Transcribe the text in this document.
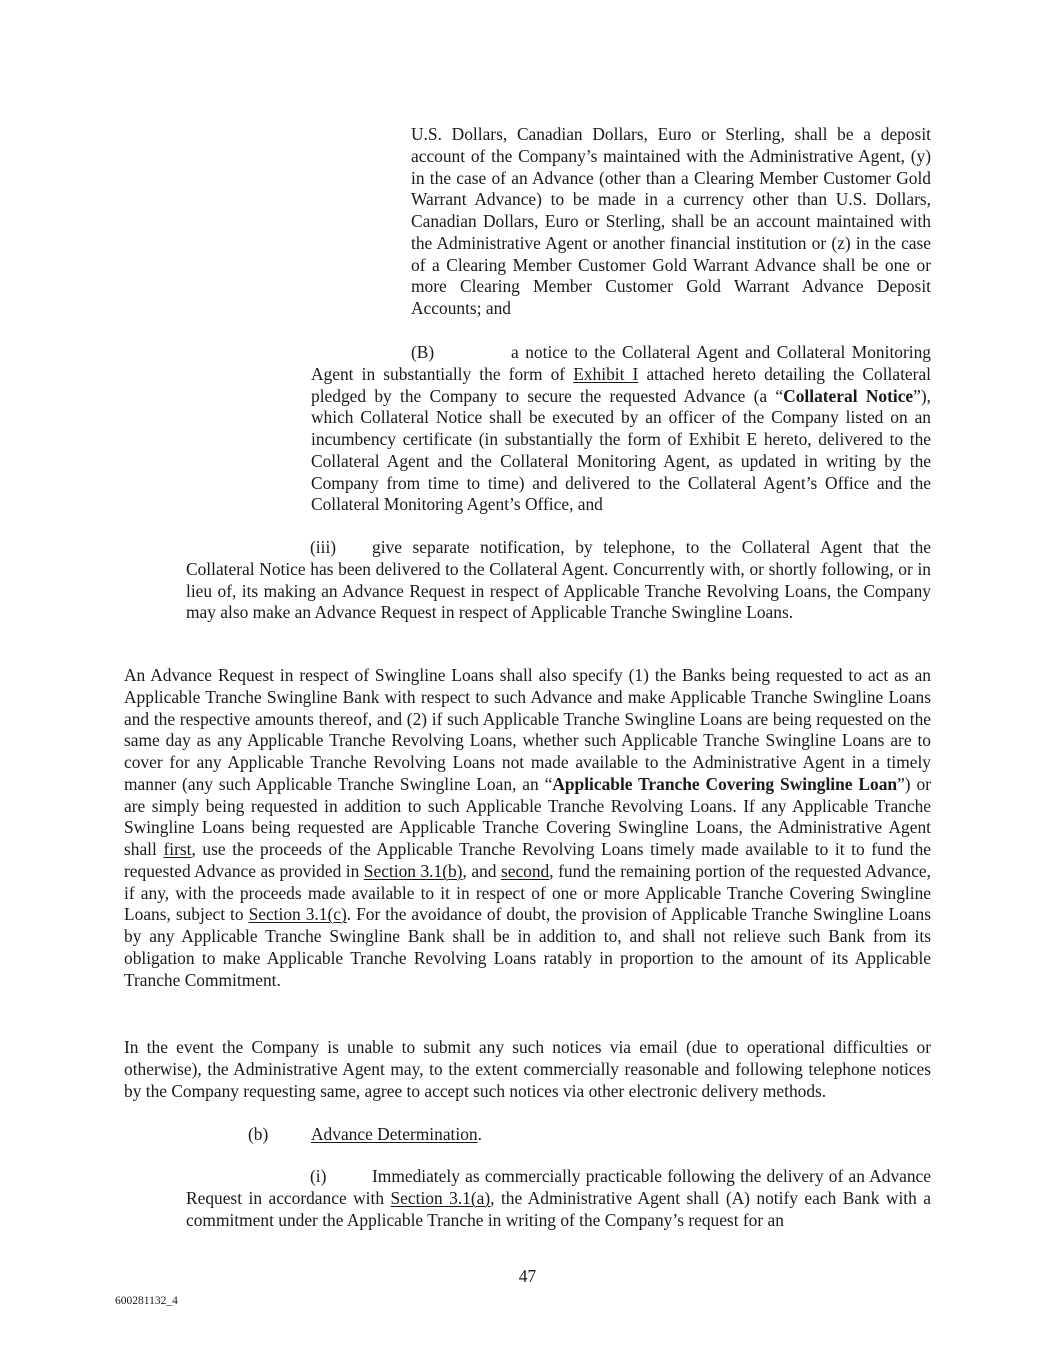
U.S. Dollars, Canadian Dollars, Euro or Sterling, shall be a deposit account of the Company’s maintained with the Administrative Agent, (y) in the case of an Advance (other than a Clearing Member Customer Gold Warrant Advance) to be made in a currency other than U.S. Dollars, Canadian Dollars, Euro or Sterling, shall be an account maintained with the Administrative Agent or another financial institution or (z) in the case of a Clearing Member Customer Gold Warrant Advance shall be one or more Clearing Member Customer Gold Warrant Advance Deposit Accounts; and

(B)	a notice to the Collateral Agent and Collateral Monitoring Agent in substantially the form of Exhibit I attached hereto detailing the Collateral pledged by the Company to secure the requested Advance (a “Collateral Notice”), which Collateral Notice shall be executed by an officer of the Company listed on an incumbency certificate (in substantially the form of Exhibit E hereto, delivered to the Collateral Agent and the Collateral Monitoring Agent, as updated in writing by the Company from time to time) and delivered to the Collateral Agent’s Office and the Collateral Monitoring Agent’s Office, and

(iii) give separate notification, by telephone, to the Collateral Agent that the Collateral Notice has been delivered to the Collateral Agent. Concurrently with, or shortly following, or in lieu of, its making an Advance Request in respect of Applicable Tranche Revolving Loans, the Company may also make an Advance Request in respect of Applicable Tranche Swingline Loans.

An Advance Request in respect of Swingline Loans shall also specify (1) the Banks being requested to act as an Applicable Tranche Swingline Bank with respect to such Advance and make Applicable Tranche Swingline Loans and the respective amounts thereof, and (2) if such Applicable Tranche Swingline Loans are being requested on the same day as any Applicable Tranche Revolving Loans, whether such Applicable Tranche Swingline Loans are to cover for any Applicable Tranche Revolving Loans not made available to the Administrative Agent in a timely manner (any such Applicable Tranche Swingline Loan, an “Applicable Tranche Covering Swingline Loan”) or are simply being requested in addition to such Applicable Tranche Revolving Loans. If any Applicable Tranche Swingline Loans being requested are Applicable Tranche Covering Swingline Loans, the Administrative Agent shall first, use the proceeds of the Applicable Tranche Revolving Loans timely made available to it to fund the requested Advance as provided in Section 3.1(b), and second, fund the remaining portion of the requested Advance, if any, with the proceeds made available to it in respect of one or more Applicable Tranche Covering Swingline Loans, subject to Section 3.1(c). For the avoidance of doubt, the provision of Applicable Tranche Swingline Loans by any Applicable Tranche Swingline Bank shall be in addition to, and shall not relieve such Bank from its obligation to make Applicable Tranche Revolving Loans ratably in proportion to the amount of its Applicable Tranche Commitment.

In the event the Company is unable to submit any such notices via email (due to operational difficulties or otherwise), the Administrative Agent may, to the extent commercially reasonable and following telephone notices by the Company requesting same, agree to accept such notices via other electronic delivery methods.

(b) Advance Determination.

(i)	Immediately as commercially practicable following the delivery of an Advance Request in accordance with Section 3.1(a), the Administrative Agent shall (A) notify each Bank with a commitment under the Applicable Tranche in writing of the Company’s request for an

47
600281132_4
